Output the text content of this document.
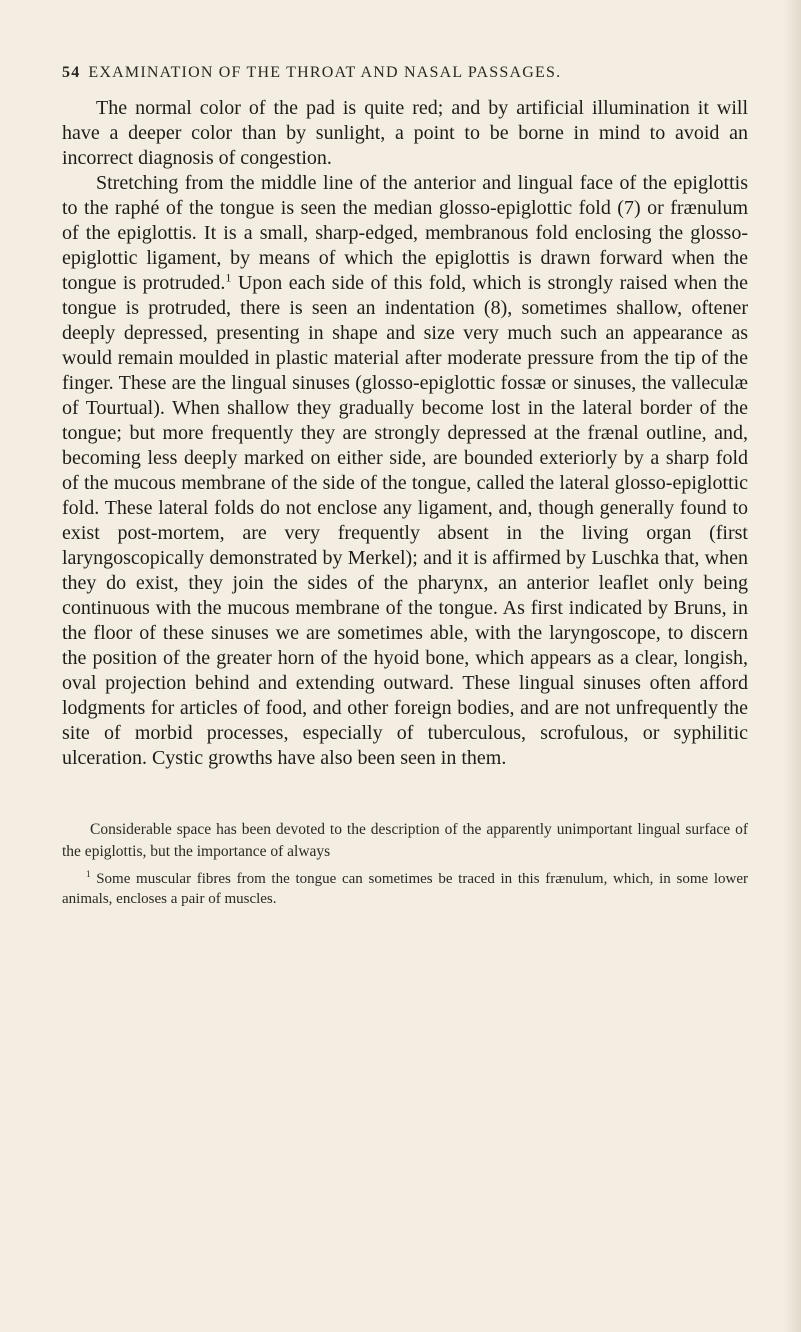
54 EXAMINATION OF THE THROAT AND NASAL PASSAGES.

The normal color of the pad is quite red; and by artificial illumination it will have a deeper color than by sunlight, a point to be borne in mind to avoid an incorrect diagnosis of congestion.

Stretching from the middle line of the anterior and lingual face of the epiglottis to the raphé of the tongue is seen the median glosso-epiglottic fold (7) or frænulum of the epiglottis. It is a small, sharp-edged, membranous fold enclosing the glosso-epiglottic ligament, by means of which the epiglottis is drawn forward when the tongue is protruded.$^1$ Upon each side of this fold, which is strongly raised when the tongue is protruded, there is seen an indentation (8), sometimes shallow, oftener deeply depressed, presenting in shape and size very much such an appearance as would remain moulded in plastic material after moderate pressure from the tip of the finger. These are the lingual sinuses (glosso-epiglottic fossæ or sinuses, the valleculæ of Tourtual). When shallow they gradually become lost in the lateral border of the tongue; but more frequently they are strongly depressed at the frænal outline, and, becoming less deeply marked on either side, are bounded exteriorly by a sharp fold of the mucous membrane of the side of the tongue, called the lateral glosso-epiglottic fold. These lateral folds do not enclose any ligament, and, though generally found to exist post-mortem, are very frequently absent in the living organ (first laryngoscopically demonstrated by Merkel); and it is affirmed by Luschka that, when they do exist, they join the sides of the pharynx, an anterior leaflet only being continuous with the mucous membrane of the tongue. As first indicated by Bruns, in the floor of these sinuses we are sometimes able, with the laryngoscope, to discern the position of the greater horn of the hyoid bone, which appears as a clear, longish, oval projection behind and extending outward. These lingual sinuses often afford lodgments for articles of food, and other foreign bodies, and are not unfrequently the site of morbid processes, especially of tuberculous, scrofulous, or syphilitic ulceration. Cystic growths have also been seen in them.

Considerable space has been devoted to the description of the apparently unimportant lingual surface of the epiglottis, but the importance of always

$^1$ Some muscular fibres from the tongue can sometimes be traced in this frænulum, which, in some lower animals, encloses a pair of muscles.
